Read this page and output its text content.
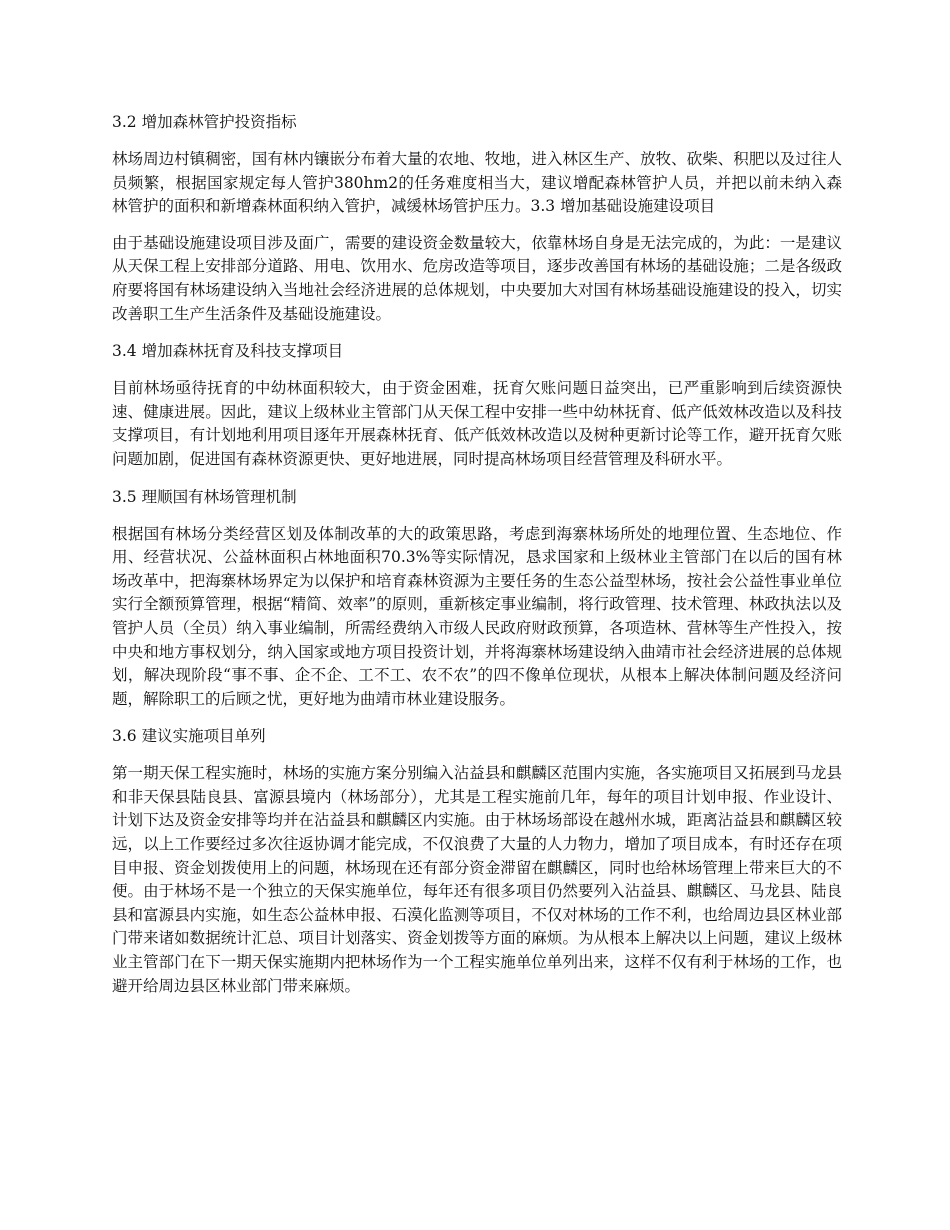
3.2 增加森林管护投资指标
林场周边村镇稠密，国有林内镶嵌分布着大量的农地、牧地，进入林区生产、放牧、砍柴、积肥以及过往人员频繁，根据国家规定每人管护380hm2的任务难度相当大，建议增配森林管护人员，并把以前未纳入森林管护的面积和新增森林面积纳入管护，减缓林场管护压力。3.3 增加基础设施建设项目
由于基础设施建设项目涉及面广，需要的建设资金数量较大，依靠林场自身是无法完成的，为此：一是建议从天保工程上安排部分道路、用电、饮用水、危房改造等项目，逐步改善国有林场的基础设施；二是各级政府要将国有林场建设纳入当地社会经济进展的总体规划，中央要加大对国有林场基础设施建设的投入，切实改善职工生产生活条件及基础设施建设。
3.4 增加森林抚育及科技支撑项目
目前林场亟待抚育的中幼林面积较大，由于资金困难，抚育欠账问题日益突出，已严重影响到后续资源快速、健康进展。因此，建议上级林业主管部门从天保工程中安排一些中幼林抚育、低产低效林改造以及科技支撑项目，有计划地利用项目逐年开展森林抚育、低产低效林改造以及树种更新讨论等工作，避开抚育欠账问题加剧，促进国有森林资源更快、更好地进展，同时提高林场项目经营管理及科研水平。
3.5 理顺国有林场管理机制
根据国有林场分类经营区划及体制改革的大的政策思路，考虑到海寨林场所处的地理位置、生态地位、作用、经营状况、公益林面积占林地面积70.3%等实际情况，恳求国家和上级林业主管部门在以后的国有林场改革中，把海寨林场界定为以保护和培育森林资源为主要任务的生态公益型林场，按社会公益性事业单位实行全额预算管理，根据“精简、效率”的原则，重新核定事业编制，将行政管理、技术管理、林政执法以及管护人员（全员）纳入事业编制，所需经费纳入市级人民政府财政预算，各项造林、营林等生产性投入，按中央和地方事权划分，纳入国家或地方项目投资计划，并将海寨林场建设纳入曲靖市社会经济进展的总体规划，解决现阶段“事不事、企不企、工不工、农不农”的四不像单位现状，从根本上解决体制问题及经济问题，解除职工的后顾之忧，更好地为曲靖市林业建设服务。
3.6 建议实施项目单列
第一期天保工程实施时，林场的实施方案分别编入沾益县和麒麟区范围内实施，各实施项目又拓展到马龙县和非天保县陆良县、富源县境内（林场部分），尤其是工程实施前几年，每年的项目计划申报、作业设计、计划下达及资金安排等均并在沾益县和麒麟区内实施。由于林场场部设在越州水城，距离沾益县和麒麟区较远，以上工作要经过多次往返协调才能完成，不仅浪费了大量的人力物力，增加了项目成本，有时还存在项目申报、资金划拨使用上的问题，林场现在还有部分资金滞留在麒麟区，同时也给林场管理上带来巨大的不便。由于林场不是一个独立的天保实施单位，每年还有很多项目仍然要列入沾益县、麒麟区、马龙县、陆良县和富源县内实施，如生态公益林申报、石漠化监测等项目，不仅对林场的工作不利，也给周边县区林业部门带来诸如数据统计汇总、项目计划落实、资金划拨等方面的麻烦。为从根本上解决以上问题，建议上级林业主管部门在下一期天保实施期内把林场作为一个工程实施单位单列出来，这样不仅有利于林场的工作，也避开给周边县区林业部门带来麻烦。
